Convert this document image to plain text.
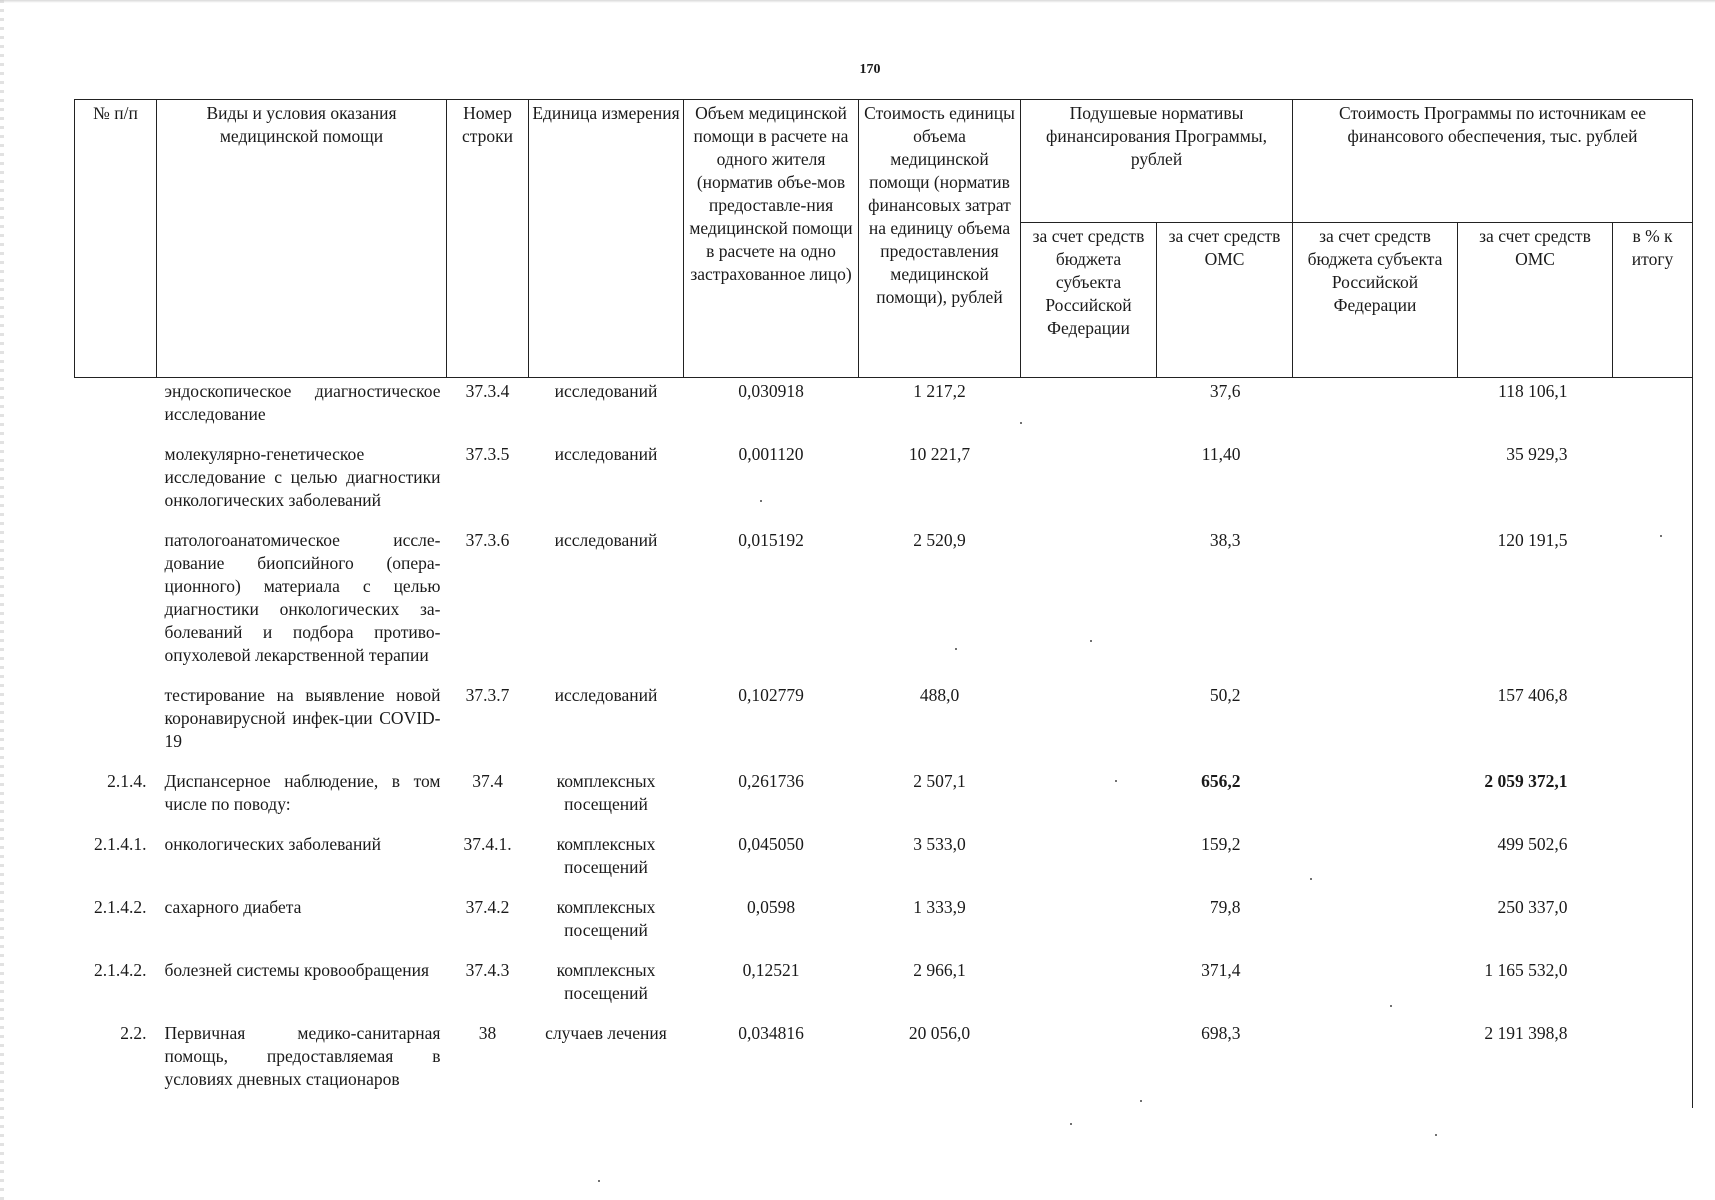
170
№ п/п	Виды и условия оказания медицинской помощи	Номер строки	Единица измерения	Объем медицинской помощи в расчете на одного жителя (норматив объе-мов предоставле-ния медицинской помощи в расчете на одно застрахованное лицо)	Стоимость единицы объема медицинской помощи (норматив финансовых затрат на единицу объема предоставления медицинской помощи), рублей	Подушевые нормативы финансирования Программы, рублей		Стоимость Программы по источникам ее финансового обеспечения, тыс. рублей		
						за счет средств бюджета субъекта Российской Федерации	за счет средств ОМС	за счет средств бюджета субъекта Российской Федерации	за счет средств ОМС	в % к итогу
	эндоскопическое диагностическое исследование	37.3.4	исследований	0,030918	1 217,2		37,6		118 106,1	
	молекулярно-генетическое исследование с целью диагностики онкологических заболеваний	37.3.5	исследований	0,001120	10 221,7		11,40		35 929,3	
	патологоанатомическое иссле-дование биопсийного (опера-ционного) материала с целью диагностики онкологических за-болеваний и подбора противо-опухолевой лекарственной терапии	37.3.6	исследований	0,015192	2 520,9		38,3		120 191,5	
	тестирование на выявление новой коронавирусной инфек-ции COVID-19	37.3.7	исследований	0,102779	488,0		50,2		157 406,8	
2.1.4.	Диспансерное наблюдение, в том числе по поводу:	37.4	комплексных посещений	0,261736	2 507,1		656,2		2 059 372,1	
2.1.4.1.	онкологических заболеваний	37.4.1.	комплексных посещений	0,045050	3 533,0		159,2		499 502,6	
2.1.4.2.	сахарного диабета	37.4.2	комплексных посещений	0,0598	1 333,9		79,8		250 337,0	
2.1.4.2.	болезней системы кровообращения	37.4.3	комплексных посещений	0,12521	2 966,1		371,4		1 165 532,0	
2.2.	Первичная медико-санитарная помощь, предоставляемая в условиях дневных стационаров	38	случаев лечения	0,034816	20 056,0		698,3		2 191 398,8	
